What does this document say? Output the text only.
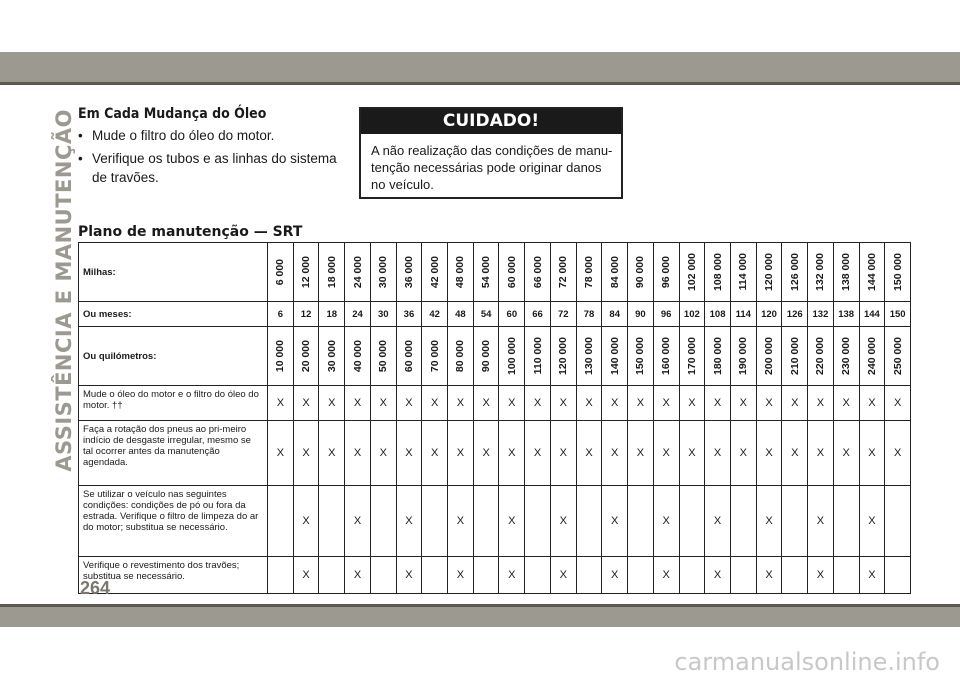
ASSISTÊNCIA E MANUTENÇÃO Em Cada Mudança do Óleo
• Mude o filtro do óleo do motor.
• Verifique os tubos e as linhas do sistema de travões.
CUIDADO!
A não realização das condições de manu-tenção necessárias pode originar danos no veículo.
Plano de manutenção — SRT
Milhas:	6 000	12 000	18 000	24 000	30 000	36 000	42 000	48 000	54 000	60 000	66 000	72 000	78 000	84 000	90 000	96 000	102 000	108 000	114 000	120 000	126 000	132 000	138 000	144 000	150 000

Ou meses:	6	12	18	24	30	36	42	48	54	60	66	72	78	84	90	96	102	108	114	120	126	132	138	144	150
Ou quilómetros:	10 000	20 000	30 000	40 000	50 000	60 000	70 000	80 000	90 000	100 000	110 000	120 000	130 000	140 000	150 000	160 000	170 000	180 000	190 000	200 000	210 000	220 000	230 000	240 000	250 000

Mude o óleo do motor e o filtro do óleo do motor. ††	X	X	X	X	X	X	X	X	X	X	X	X	X	X	X	X	X	X	X	X	X	X	X	X	X
Faça a rotação dos pneus ao pri-meiro indício de desgaste irregular, mesmo se tal ocorrer antes da manutenção agendada.	X	X	X	X	X	X	X	X	X	X	X	X	X	X	X	X	X	X	X	X	X	X	X	X	X
Se utilizar o veículo nas seguintes condições: condições de pó ou fora da estrada. Verifique o filtro de limpeza do ar do motor; substitua se necessário.		X		X		X		X		X		X		X		X		X		X		X		X	
Verifique o revestimento dos travões; substitua se necessário.		X		X		X		X		X		X		X		X		X		X		X		X	
264
carmanualsonline.info
